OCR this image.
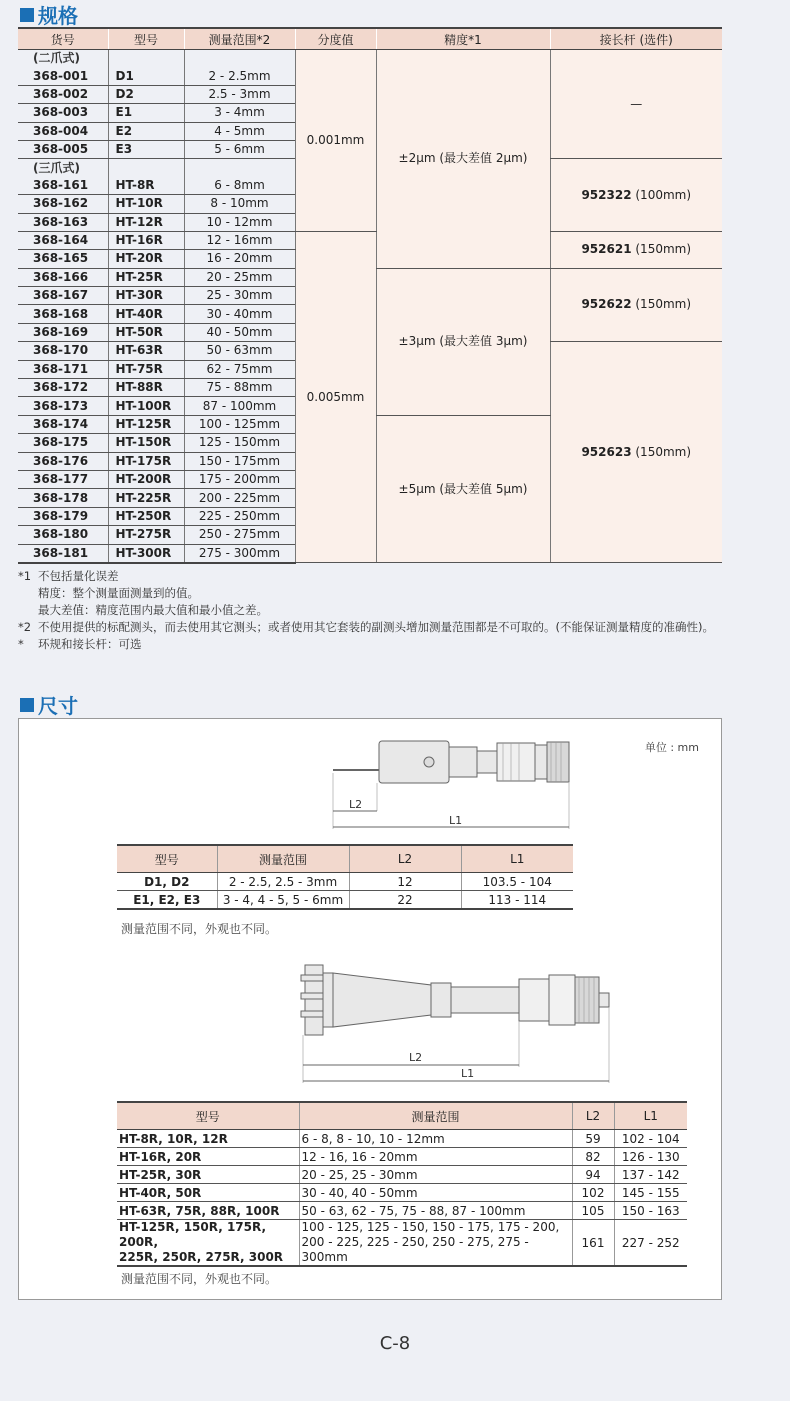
规格
货号	型号	测量范围*2	分度值	精度*1	接长杆 (选件)
(二爪式)			0.001mm	±2μm (最大差值 2μm)	—
368-001	D1	2 - 2.5mm			
368-002	D2	2.5 - 3mm			
368-003	E1	3 - 4mm			
368-004	E2	4 - 5mm			
368-005	E3	5 - 6mm			
(三爪式)					952322 (100mm)
368-161	HT-8R	6 - 8mm			
368-162	HT-10R	8 - 10mm			
368-163	HT-12R	10 - 12mm			
368-164	HT-16R	12 - 16mm	0.005mm		952621 (150mm)
368-165	HT-20R	16 - 20mm			
368-166	HT-25R	20 - 25mm		±3μm (最大差值 3μm)	952622 (150mm)
368-167	HT-30R	25 - 30mm			
368-168	HT-40R	30 - 40mm			
368-169	HT-50R	40 - 50mm			
368-170	HT-63R	50 - 63mm			952623 (150mm)
368-171	HT-75R	62 - 75mm			
368-172	HT-88R	75 - 88mm			
368-173	HT-100R	87 - 100mm			
368-174	HT-125R	100 - 125mm		±5μm (最大差值 5μm)	
368-175	HT-150R	125 - 150mm			
368-176	HT-175R	150 - 175mm			
368-177	HT-200R	175 - 200mm			
368-178	HT-225R	200 - 225mm			
368-179	HT-250R	225 - 250mm			
368-180	HT-275R	250 - 275mm			
368-181	HT-300R	275 - 300mm			
*1 不包括量化误差
精度：整个测量面测量到的值。
最大差值：精度范围内最大值和最小值之差。
*2 不使用提供的标配测头，而去使用其它测头；或者使用其它套装的副测头增加测量范围都是不可取的。(不能保证测量精度的准确性)。
*	环规和接长杆：可选
尺寸
单位 : mm
L2
L1
型号	测量范围	L2	L1
D1, D2	2 - 2.5, 2.5 - 3mm	12	103.5 - 104
E1, E2, E3	3 - 4, 4 - 5, 5 - 6mm	22	113 - 114
测量范围不同，外观也不同。
L2
L1
型号	测量范围	L2	L1
HT-8R, 10R, 12R	6 - 8, 8 - 10, 10 - 12mm	59	102 - 104
HT-16R, 20R	12 - 16, 16 - 20mm	82	126 - 130
HT-25R, 30R	20 - 25, 25 - 30mm	94	137 - 142
HT-40R, 50R	30 - 40, 40 - 50mm	102	145 - 155
HT-63R, 75R, 88R, 100R	50 - 63, 62 - 75, 75 - 88, 87 - 100mm	105	150 - 163
HT-125R, 150R, 175R, 200R,
225R, 250R, 275R, 300R	100 - 125, 125 - 150, 150 - 175, 175 - 200,
200 - 225, 225 - 250, 250 - 275, 275 - 300mm	161	227 - 252
测量范围不同，外观也不同。
C-8
